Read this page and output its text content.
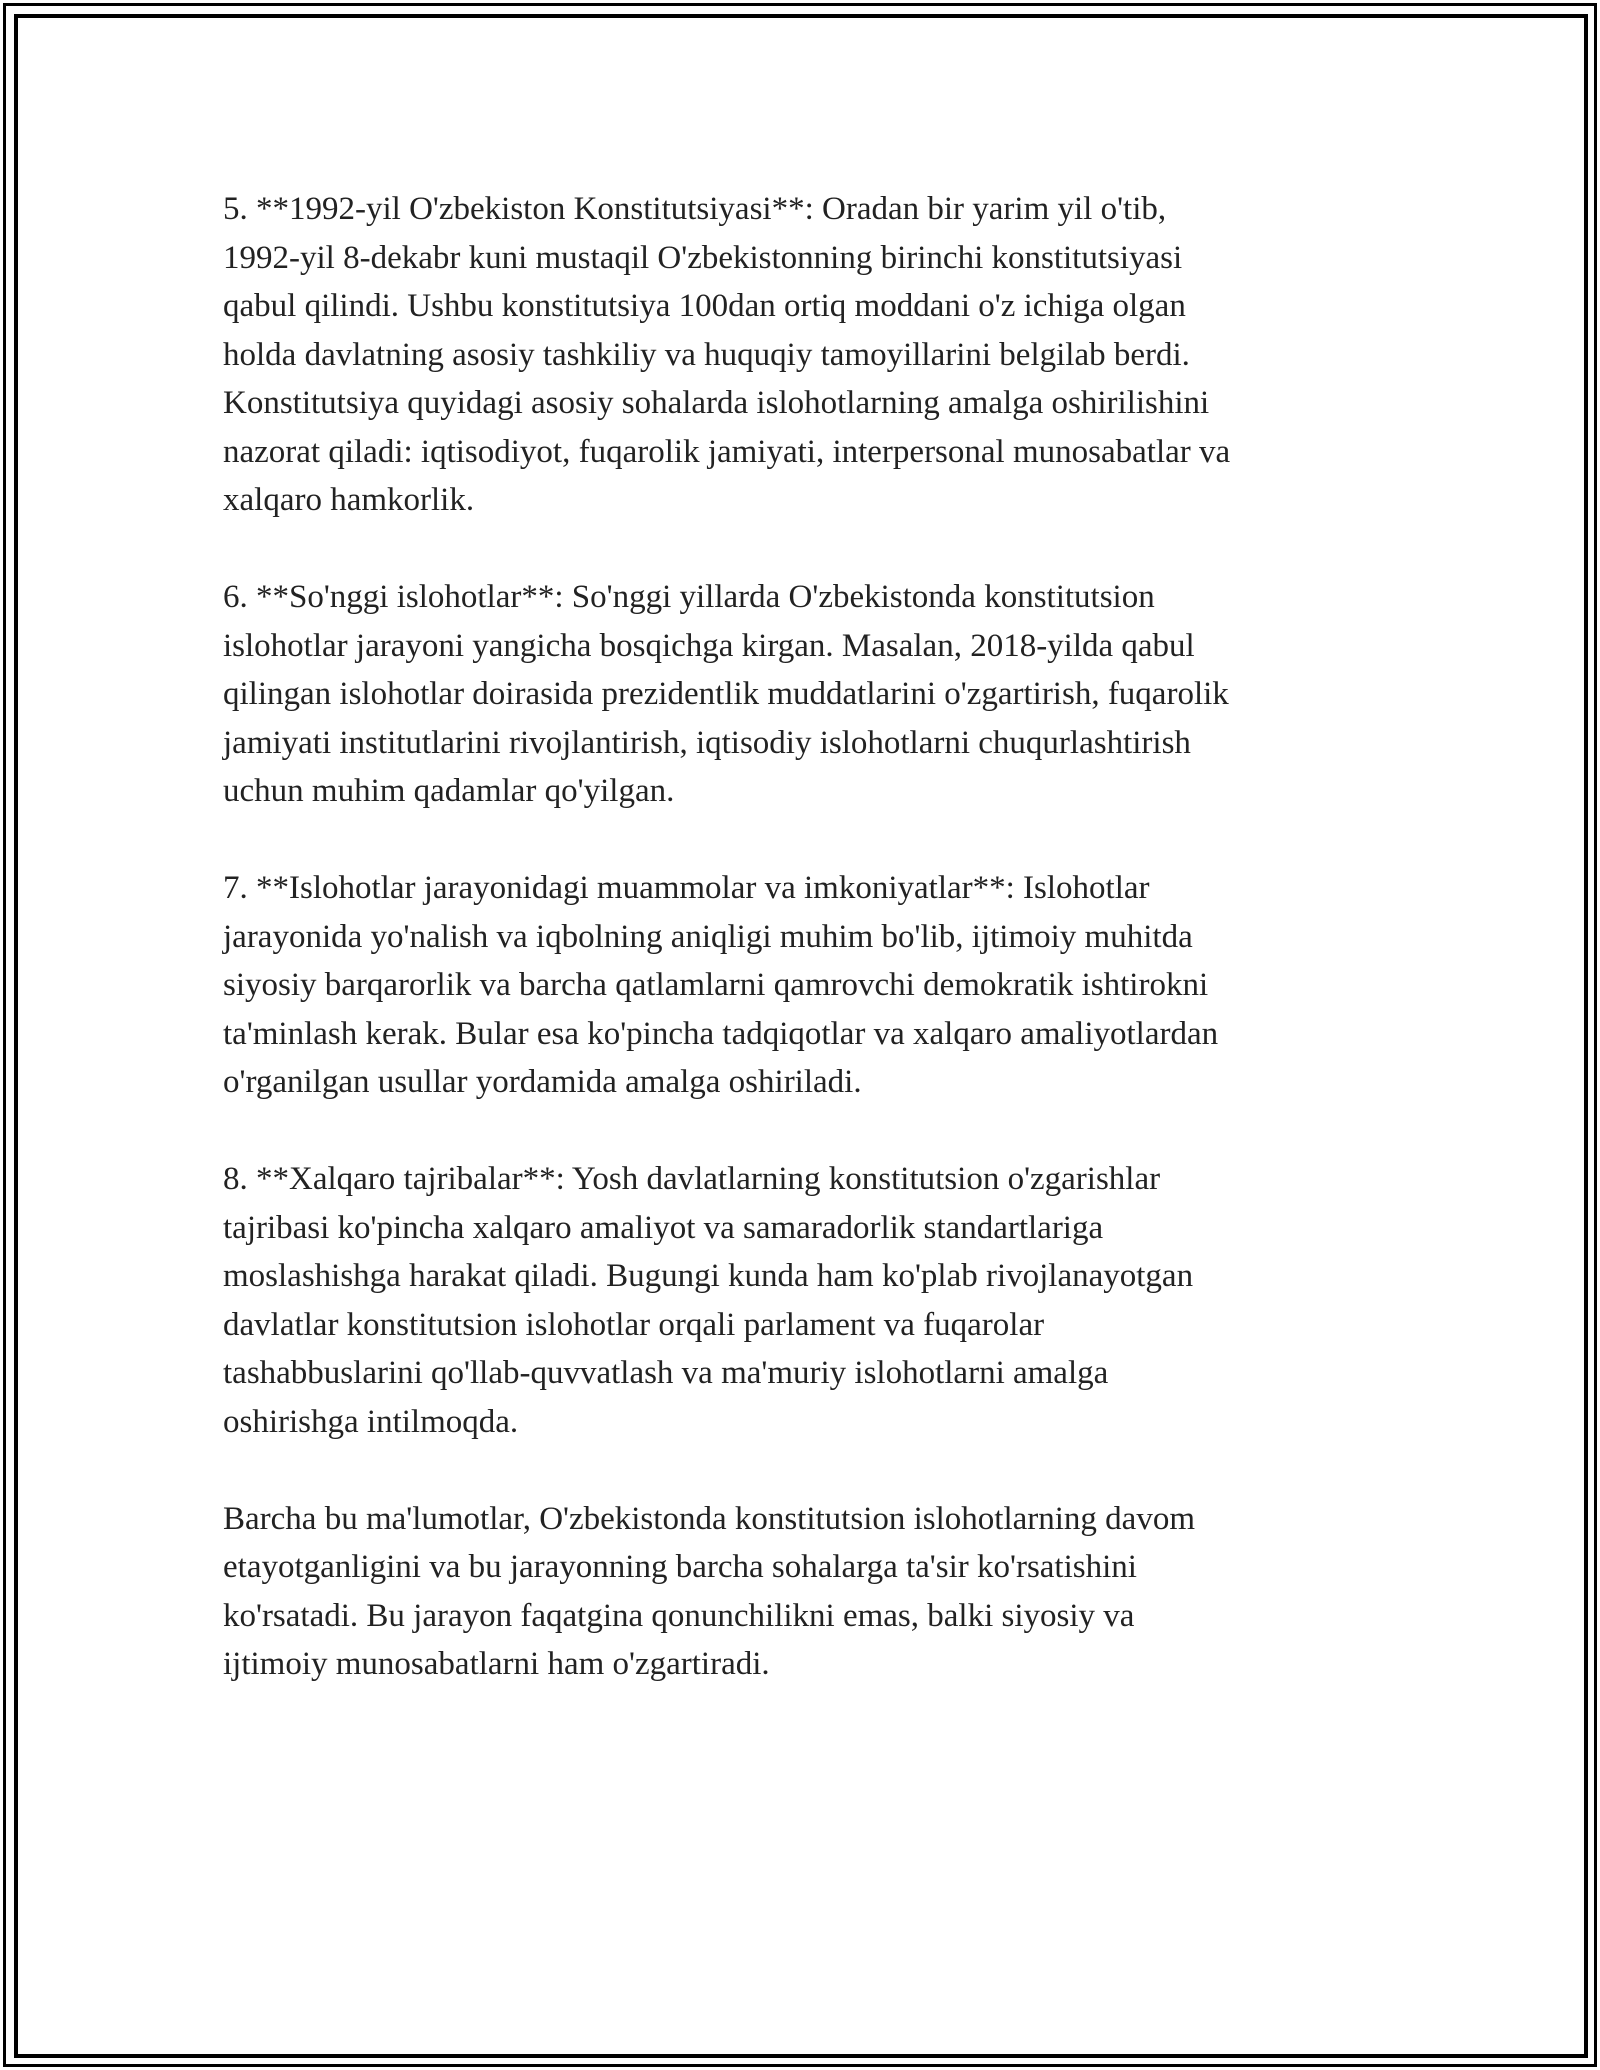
5. **1992-yil O'zbekiston Konstitutsiyasi**: Oradan bir yarim yil o'tib,
1992-yil 8-dekabr kuni mustaqil O'zbekistonning birinchi konstitutsiyasi
qabul qilindi. Ushbu konstitutsiya 100dan ortiq moddani o'z ichiga olgan
holda davlatning asosiy tashkiliy va huquqiy tamoyillarini belgilab berdi.
Konstitutsiya quyidagi asosiy sohalarda islohotlarning amalga oshirilishini
nazorat qiladi: iqtisodiyot, fuqarolik jamiyati, interpersonal munosabatlar va
xalqaro hamkorlik.

6. **So'nggi islohotlar**: So'nggi yillarda O'zbekistonda konstitutsion
islohotlar jarayoni yangicha bosqichga kirgan. Masalan, 2018-yilda qabul
qilingan islohotlar doirasida prezidentlik muddatlarini o'zgartirish, fuqarolik
jamiyati institutlarini rivojlantirish, iqtisodiy islohotlarni chuqurlashtirish
uchun muhim qadamlar qo'yilgan.

7. **Islohotlar jarayonidagi muammolar va imkoniyatlar**: Islohotlar
jarayonida yo'nalish va iqbolning aniqligi muhim bo'lib, ijtimoiy muhitda
siyosiy barqarorlik va barcha qatlamlarni qamrovchi demokratik ishtirokni
ta'minlash kerak. Bular esa ko'pincha tadqiqotlar va xalqaro amaliyotlardan
o'rganilgan usullar yordamida amalga oshiriladi.

8. **Xalqaro tajribalar**: Yosh davlatlarning konstitutsion o'zgarishlar
tajribasi ko'pincha xalqaro amaliyot va samaradorlik standartlariga
moslashishga harakat qiladi. Bugungi kunda ham ko'plab rivojlanayotgan
davlatlar konstitutsion islohotlar orqali parlament va fuqarolar
tashabbuslarini qo'llab-quvvatlash va ma'muriy islohotlarni amalga
oshirishga intilmoqda.

Barcha bu ma'lumotlar, O'zbekistonda konstitutsion islohotlarning davom
etayotganligini va bu jarayonning barcha sohalarga ta'sir ko'rsatishini
ko'rsatadi. Bu jarayon faqatgina qonunchilikni emas, balki siyosiy va
ijtimoiy munosabatlarni ham o'zgartiradi.
